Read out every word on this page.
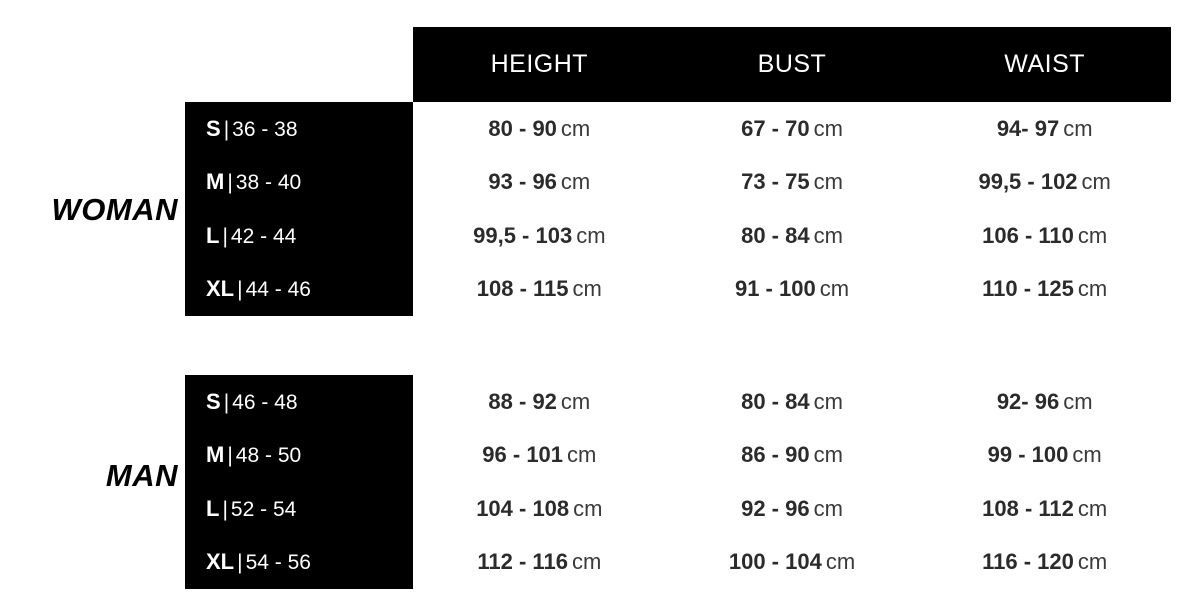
HEIGHT	BUST	WAIST
WOMAN
S | 36 - 38	80 - 90 cm	67 - 70 cm	94- 97 cm
M | 38 - 40	93 - 96 cm	73 - 75 cm	99,5 - 102 cm
L | 42 - 44	99,5 - 103 cm	80 - 84 cm	106 - 110 cm
XL | 44 - 46	108 - 115 cm	91 - 100 cm	110 - 125 cm
MAN
S | 46 - 48	88 - 92 cm	80 - 84 cm	92- 96 cm
M | 48 - 50	96 - 101 cm	86 - 90 cm	99 - 100 cm
L | 52 - 54	104 - 108 cm	92 - 96 cm	108 - 112 cm
XL | 54 - 56	112 - 116 cm	100 - 104 cm	116 - 120 cm
